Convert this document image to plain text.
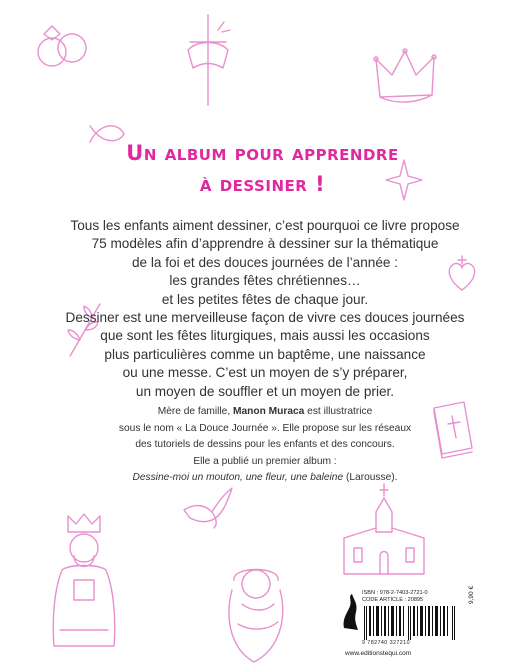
Un album pour apprendre
à dessiner !
Tous les enfants aiment dessiner, c’est pourquoi ce livre propose
75 modèles afin d’apprendre à dessiner sur la thématique
de la foi et des douces journées de l’année :
les grandes fêtes chrétiennes…
et les petites fêtes de chaque jour.
Dessiner est une merveilleuse façon de vivre ces douces journées
que sont les fêtes liturgiques, mais aussi les occasions
plus particulières comme un baptême, une naissance
ou une messe. C’est un moyen de s’y préparer,
un moyen de souffler et un moyen de prier.
Mère de famille, Manon Muraca est illustratrice
sous le nom « La Douce Journée ». Elle propose sur les réseaux
des tutoriels de dessins pour les enfants et des concours.
Elle a publié un premier album :
Dessine-moi un mouton, une fleur, une baleine (Larousse).
ISBN : 978-2-7403-2721-0
CODE ARTICLE : 20895
9 782740 327210
9,90 €
www.editionstequi.com
